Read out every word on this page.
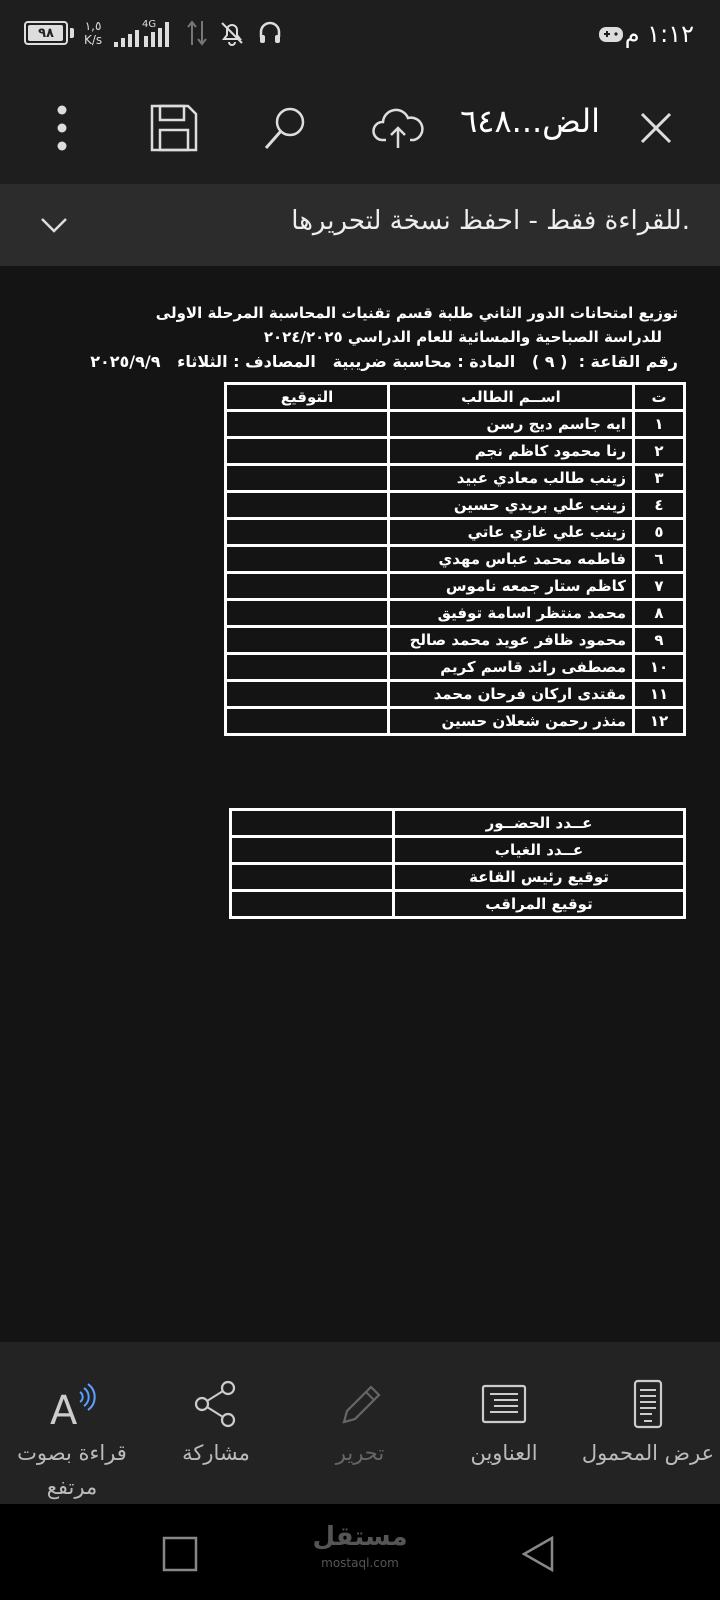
٩٨	١,٥
K/s
4G	١:١٢ م
الض...٦٤٨
للقراءة فقط - احفظ نسخة لتحريرها.
توزيع امتحانات الدور الثاني طلبة قسم تقنيات المحاسبة المرحلة الاولى
للدراسة الصباحية والمسائية للعام الدراسي ٢٠٢٤/٢٠٢٥
رقم القاعة :  ( ٩ )   المادة : محاسبة ضريبية   المصادف : الثلاثاء   ٢٠٢٥/٩/٩
ت	اســم الطالب	التوقيع
١	ايه جاسم ديج رسن	
٢	رنا محمود كاظم نجم	
٣	زينب طالب معادي عبيد	
٤	زينب علي بريدي حسين	
٥	زينب علي غازي عاتي	
٦	فاطمه محمد عباس مهدي	
٧	كاظم ستار جمعه ناموس	
٨	محمد منتظر اسامة توفيق	
٩	محمود ظافر عويد محمد صالح	
١٠	مصطفى رائد قاسم كريم	
١١	مقتدى اركان فرحان محمد	
١٢	منذر رحمن شعلان حسين	
عــدد الحضــور	
عــدد الغياب	
توقيع رئيس القاعة	
توقيع المراقب	
عرض المحمول
العناوين
تحرير
مشاركة
A
قراءة بصوت مرتفع
مستقل
mostaql.com
